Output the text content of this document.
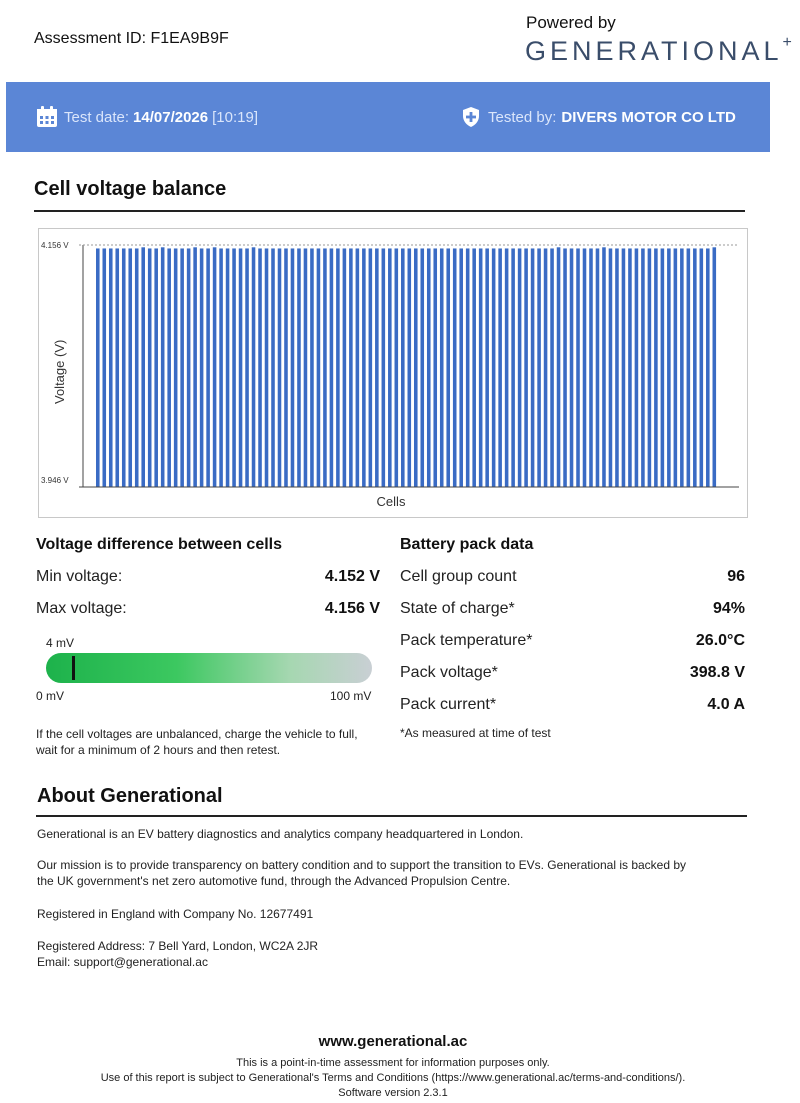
Assessment ID: F1EA9B9F
Powered by
GENERATIONAL+
Test date: 14/07/2026 [10:19]	Tested by: DIVERS MOTOR CO LTD
Cell voltage balance
4.156 V
3.946 V
Voltage (V)
Cells
Voltage difference between cells
Min voltage:	4.152 V
Max voltage:	4.156 V
4 mV
0 mV	100 mV
If the cell voltages are unbalanced, charge the vehicle to full,
wait for a minimum of 2 hours and then retest.
Battery pack data
Cell group count	96
State of charge*	94%
Pack temperature*	26.0°C
Pack voltage*	398.8 V
Pack current*	4.0 A
*As measured at time of test
About Generational
Generational is an EV battery diagnostics and analytics company headquartered in London.
Our mission is to provide transparency on battery condition and to support the transition to EVs. Generational is backed by
the UK government's net zero automotive fund, through the Advanced Propulsion Centre.
Registered in England with Company No. 12677491
Registered Address: 7 Bell Yard, London, WC2A 2JR
Email: support@generational.ac
www.generational.ac
This is a point-in-time assessment for information purposes only.
Use of this report is subject to Generational's Terms and Conditions (https://www.generational.ac/terms-and-conditions/).
Software version 2.3.1
